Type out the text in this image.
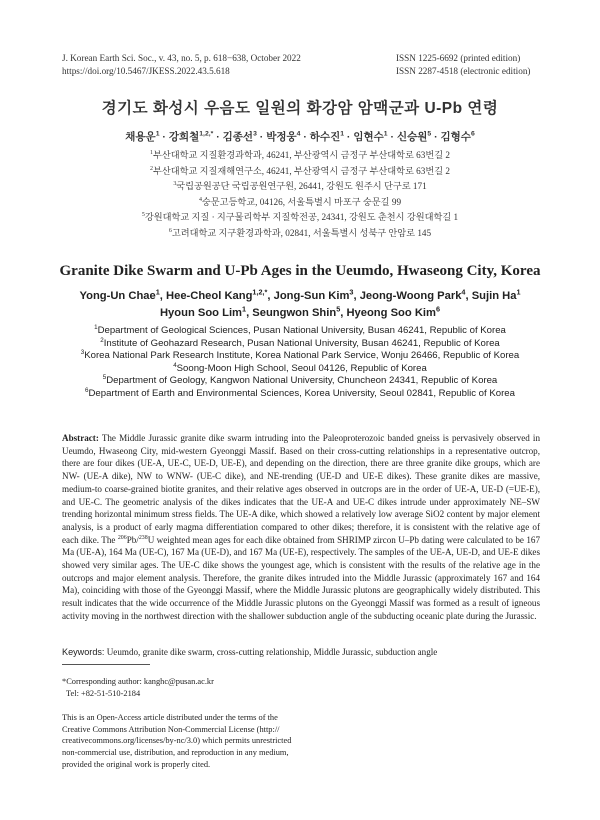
J. Korean Earth Sci. Soc., v. 43, no. 5, p. 618−638, October 2022
https://doi.org/10.5467/JKESS.2022.43.5.618
ISSN 1225-6692 (printed edition)
ISSN 2287-4518 (electronic edition)
경기도 화성시 우음도 일원의 화강암 암맥군과 U-Pb 연령
채용운$^1$ · 강희철$^{1,2,*}$ · 김종선$^3$ · 박정웅$^4$ · 하수진$^1$ · 임현수$^1$ · 신승원$^5$ · 김형수$^6$
$^1$부산대학교 지질환경과학과, 46241, 부산광역시 금정구 부산대학로 63번길 2
$^2$부산대학교 지질재해연구소, 46241, 부산광역시 금정구 부산대학로 63번길 2
$^3$국립공원공단 국립공원연구원, 26441, 강원도 원주시 단구로 171
$^4$숭문고등학교, 04126, 서울특별시 마포구 숭문길 99
$^5$강원대학교 지질 · 지구물리학부 지질학전공, 24341, 강원도 춘천시 강원대학길 1
$^6$고려대학교 지구환경과학과, 02841, 서울특별시 성북구 안암로 145
Granite Dike Swarm and U-Pb Ages in the Ueumdo, Hwaseong City, Korea
Yong-Un Chae$^1$, Hee-Cheol Kang$^{1,2,*}$, Jong-Sun Kim$^3$, Jeong-Woong Park$^4$, Sujin Ha$^1$
Hyoun Soo Lim$^1$, Seungwon Shin$^5$, Hyeong Soo Kim$^6$
$^1$Department of Geological Sciences, Pusan National University, Busan 46241, Republic of Korea
$^2$Institute of Geohazard Research, Pusan National University, Busan 46241, Republic of Korea
$^3$Korea National Park Research Institute, Korea National Park Service, Wonju 26466, Republic of Korea
$^4$Soong-Moon High School, Seoul 04126, Republic of Korea
$^5$Department of Geology, Kangwon National University, Chuncheon 24341, Republic of Korea
$^6$Department of Earth and Environmental Sciences, Korea University, Seoul 02841, Republic of Korea
Abstract: The Middle Jurassic granite dike swarm intruding into the Paleoproterozoic banded gneiss is pervasively observed in Ueumdo, Hwaseong City, mid-western Gyeonggi Massif. Based on their cross-cutting relationships in a representative outcrop, there are four dikes (UE-A, UE-C, UE-D, UE-E), and depending on the direction, there are three granite dike groups, which are NW- (UE-A dike), NW to WNW- (UE-C dike), and NE-trending (UE-D and UE-E dikes). These granite dikes are massive, medium-to coarse-grained biotite granites, and their relative ages observed in outcrops are in the order of UE-A, UE-D (=UE-E), and UE-C. The geometric analysis of the dikes indicates that the UE-A and UE-C dikes intrude under approximately NE–SW trending horizontal minimum stress fields. The UE-A dike, which showed a relatively low average SiO2 content by major element analysis, is a product of early magma differentiation compared to other dikes; therefore, it is consistent with the relative age of each dike. The $^{206}$Pb/$^{238}$U weighted mean ages for each dike obtained from SHRIMP zircon U–Pb dating were calculated to be 167 Ma (UE-A), 164 Ma (UE-C), 167 Ma (UE-D), and 167 Ma (UE-E), respectively. The samples of the UE-A, UE-D, and UE-E dikes showed very similar ages. The UE-C dike shows the youngest age, which is consistent with the results of the relative age in the outcrops and major element analysis. Therefore, the granite dikes intruded into the Middle Jurassic (approximately 167 and 164 Ma), coinciding with those of the Gyeonggi Massif, where the Middle Jurassic plutons are geographically widely distributed. This result indicates that the wide occurrence of the Middle Jurassic plutons on the Gyeonggi Massif was formed as a result of igneous activity moving in the northwest direction with the shallower subduction angle of the subducting oceanic plate during the Jurassic.
Keywords: Ueumdo, granite dike swarm, cross-cutting relationship, Middle Jurassic, subduction angle
*Corresponding author: kanghc@pusan.ac.kr
Tel: +82-51-510-2184
This is an Open-Access article distributed under the terms of the
Creative Commons Attribution Non-Commercial License (http://
creativecommons.org/licenses/by-nc/3.0) which permits unrestricted
non-commercial use, distribution, and reproduction in any medium,
provided the original work is properly cited.
